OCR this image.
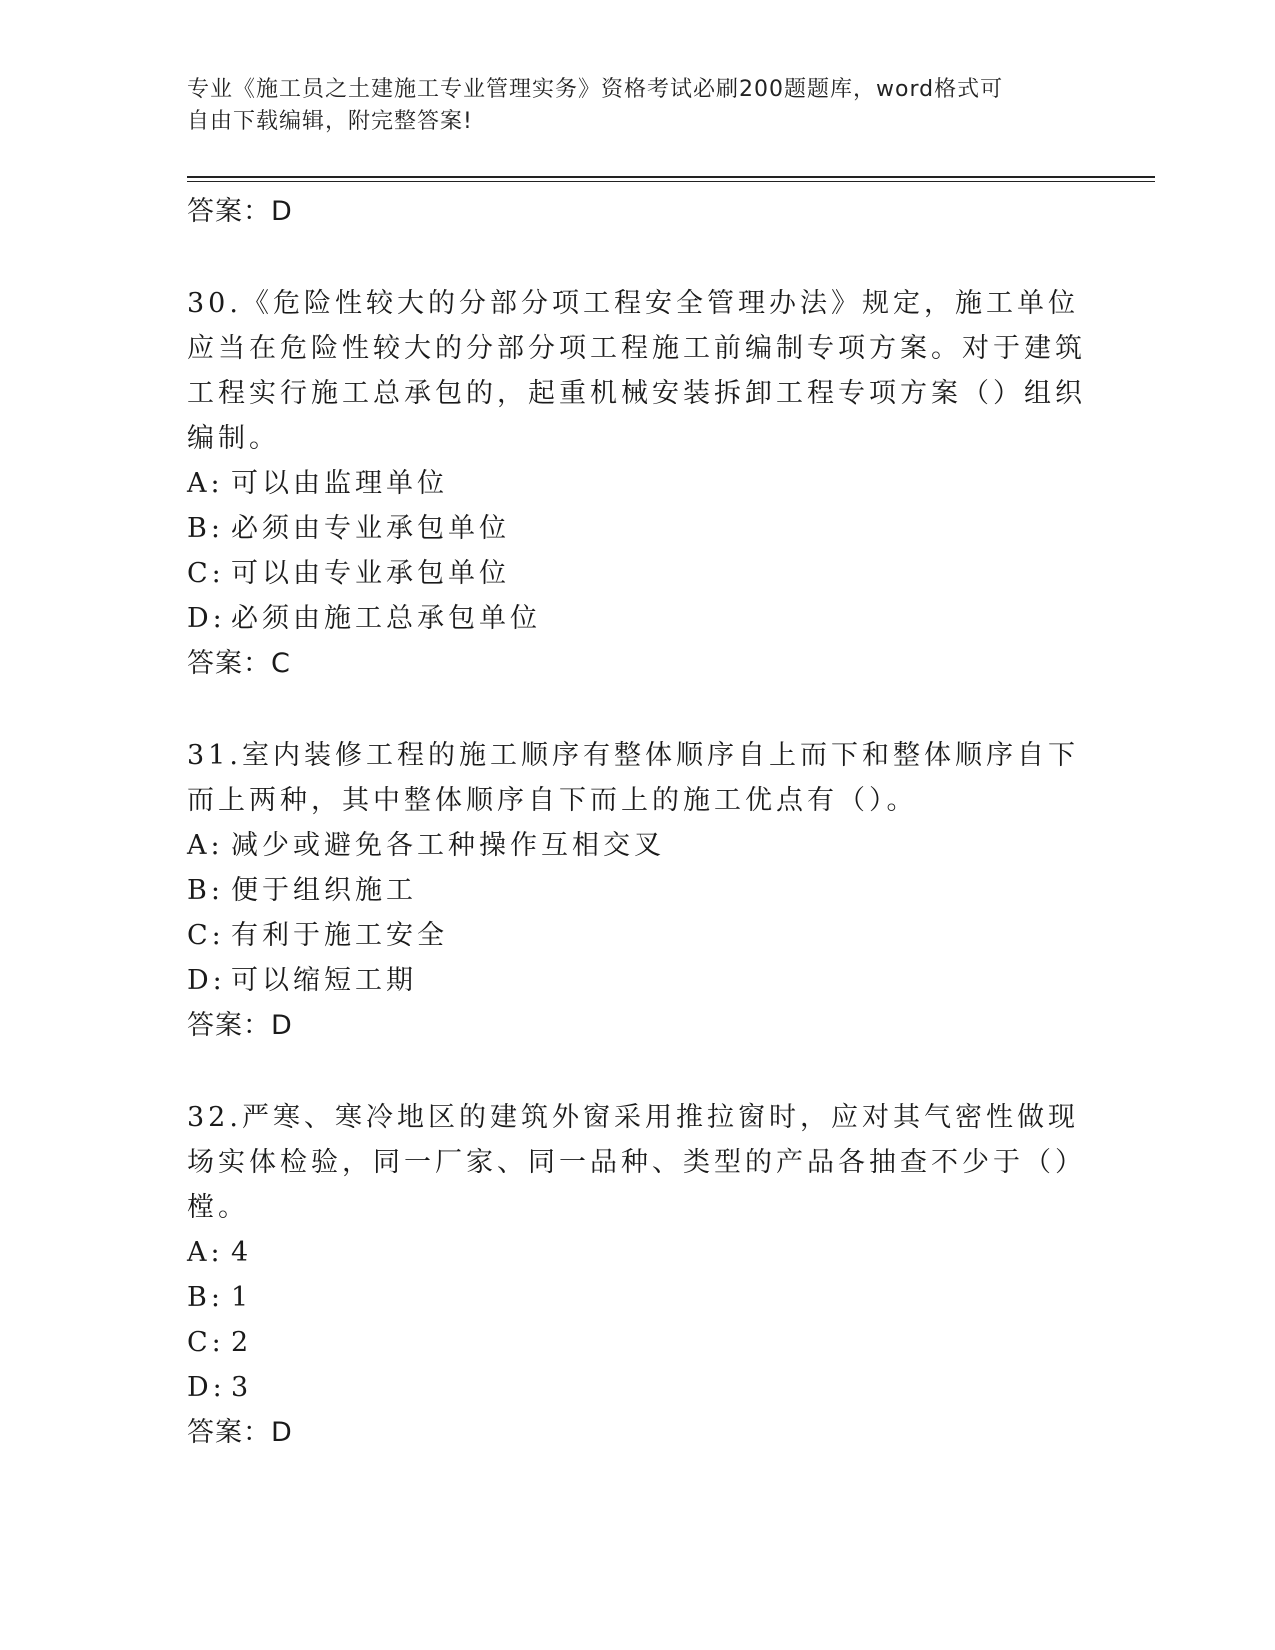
专业《施工员之土建施工专业管理实务》资格考试必刷200题题库，word格式可
自由下载编辑，附完整答案!

答案：D

30.《危险性较大的分部分项工程安全管理办法》规定，施工单位应当在危险性较大的分部分项工程施工前编制专项方案。对于建筑工程实行施工总承包的，起重机械安装拆卸工程专项方案（）组织编制。

A: 可以由监理单位

B: 必须由专业承包单位

C: 可以由专业承包单位

D: 必须由施工总承包单位

答案：C

31.室内装修工程的施工顺序有整体顺序自上而下和整体顺序自下而上两种，其中整体顺序自下而上的施工优点有（）。

A: 减少或避免各工种操作互相交叉

B: 便于组织施工

C: 有利于施工安全

D: 可以缩短工期

答案：D

32.严寒、寒冷地区的建筑外窗采用推拉窗时，应对其气密性做现场实体检验，同一厂家、同一品种、类型的产品各抽查不少于（）樘。

A: 4

B: 1

C: 2

D: 3

答案：D
